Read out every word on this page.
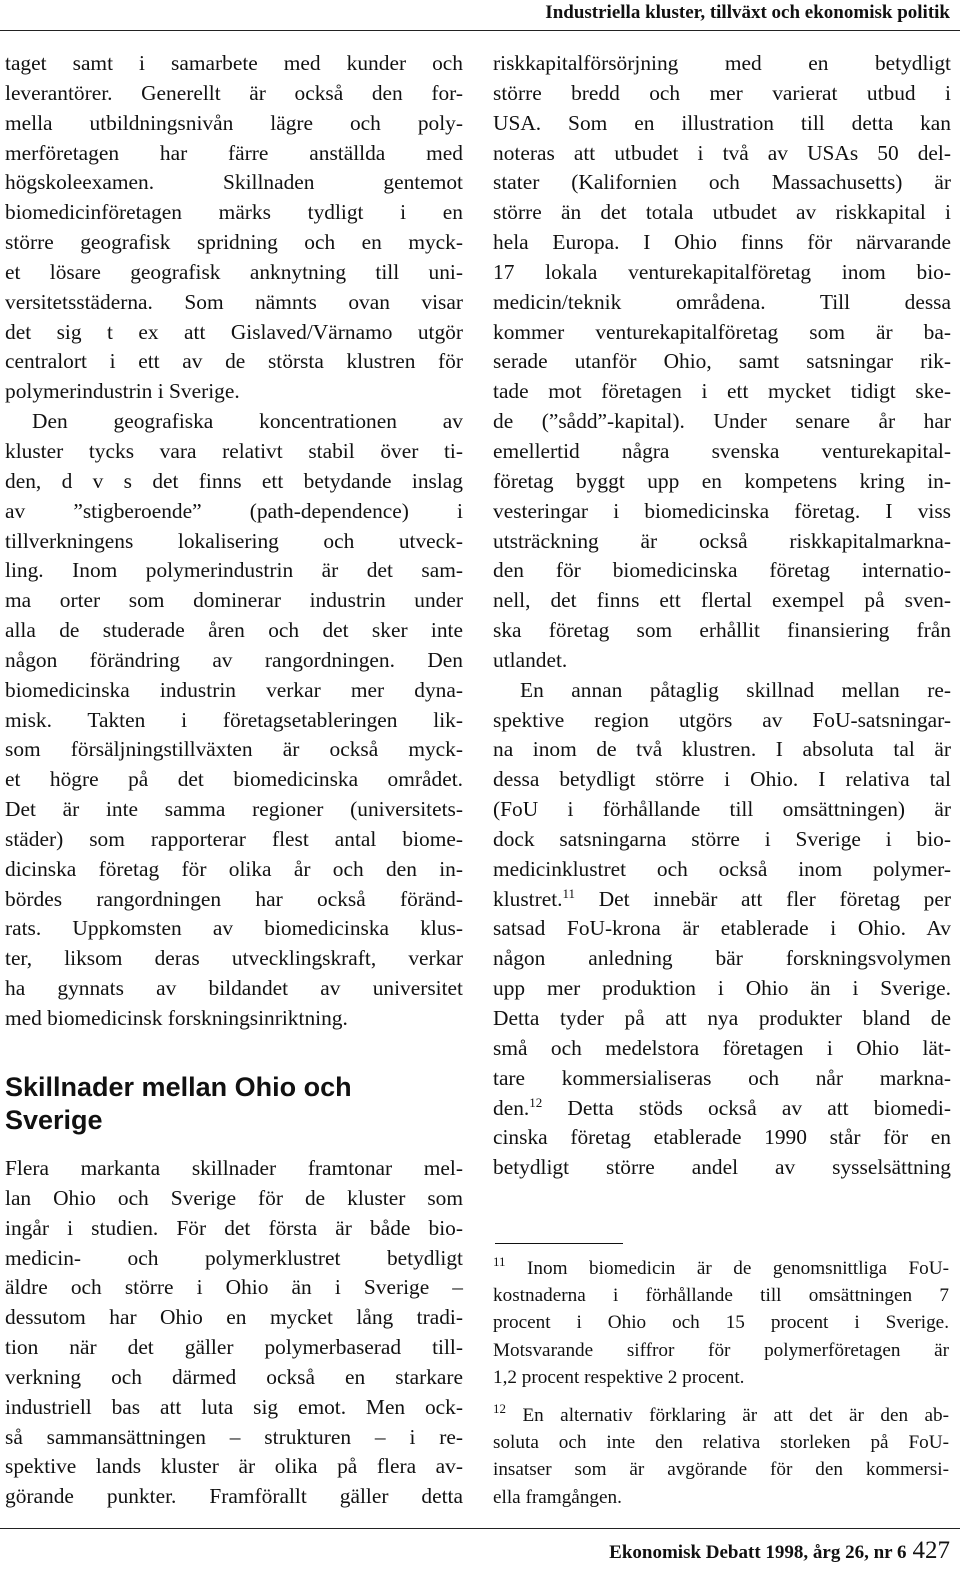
Industriella kluster, tillväxt och ekonomisk politik
taget samt i samarbete med kunder och
leverantörer. Generellt är också den for-
mella utbildningsnivån lägre och poly-
merföretagen har färre anställda med
högskoleexamen. Skillnaden gentemot
biomedicinföretagen märks tydligt i en
större geografisk spridning och en myck-
et lösare geografisk anknytning till uni-
versitetsstäderna. Som nämnts ovan visar
det sig t ex att Gislaved/Värnamo utgör
centralort i ett av de största klustren för
polymerindustrin i Sverige.
Den geografiska koncentrationen av
kluster tycks vara relativt stabil över ti-
den, d v s det finns ett betydande inslag
av ”stigberoende” (path-dependence) i
tillverkningens lokalisering och utveck-
ling. Inom polymerindustrin är det sam-
ma orter som dominerar industrin under
alla de studerade åren och det sker inte
någon förändring av rangordningen. Den
biomedicinska industrin verkar mer dyna-
misk. Takten i företagsetableringen lik-
som försäljningstillväxten är också myck-
et högre på det biomedicinska området.
Det är inte samma regioner (universitets-
städer) som rapporterar flest antal biome-
dicinska företag för olika år och den in-
bördes rangordningen har också föränd-
rats. Uppkomsten av biomedicinska klus-
ter, liksom deras utvecklingskraft, verkar
ha gynnats av bildandet av universitet
med biomedicinsk forskningsinriktning.
Skillnader mellan Ohio och
Sverige
Flera markanta skillnader framtonar mel-
lan Ohio och Sverige för de kluster som
ingår i studien. För det första är både bio-
medicin- och polymerklustret betydligt
äldre och större i Ohio än i Sverige –
dessutom har Ohio en mycket lång tradi-
tion när det gäller polymerbaserad till-
verkning och därmed också en starkare
industriell bas att luta sig emot. Men ock-
så sammansättningen – strukturen – i re-
spektive lands kluster är olika på flera av-
görande punkter. Framförallt gäller detta
riskkapitalförsörjning med en betydligt
större bredd och mer varierat utbud i
USA. Som en illustration till detta kan
noteras att utbudet i två av USAs 50 del-
stater (Kalifornien och Massachusetts) är
större än det totala utbudet av riskkapital i
hela Europa. I Ohio finns för närvarande
17 lokala venturekapitalföretag inom bio-
medicin/teknik områdena. Till dessa
kommer venturekapitalföretag som är ba-
serade utanför Ohio, samt satsningar rik-
tade mot företagen i ett mycket tidigt ske-
de (”sådd”-kapital). Under senare år har
emellertid några svenska venturekapital-
företag byggt upp en kompetens kring in-
vesteringar i biomedicinska företag. I viss
utsträckning är också riskkapitalmarkna-
den för biomedicinska företag internatio-
nell, det finns ett flertal exempel på sven-
ska företag som erhållit finansiering från
utlandet.
En annan påtaglig skillnad mellan re-
spektive region utgörs av FoU-satsningar-
na inom de två klustren. I absoluta tal är
dessa betydligt större i Ohio. I relativa tal
(FoU i förhållande till omsättningen) är
dock satsningarna större i Sverige i bio-
medicinklustret och också inom polymer-
klustret.$^{11}$ Det innebär att fler företag per
satsad FoU-krona är etablerade i Ohio. Av
någon anledning bär forskningsvolymen
upp mer produktion i Ohio än i Sverige.
Detta tyder på att nya produkter bland de
små och medelstora företagen i Ohio lät-
tare kommersialiseras och når markna-
den.$^{12}$ Detta stöds också av att biomedi-
cinska företag etablerade 1990 står för en
betydligt större andel av sysselsättning
$^{11}$ Inom biomedicin är de genomsnittliga FoU-
kostnaderna i förhållande till omsättningen 7
procent i Ohio och 15 procent i Sverige.
Motsvarande siffror för polymerföretagen är
1,2 procent respektive 2 procent.
$^{12}$ En alternativ förklaring är att det är den ab-
soluta och inte den relativa storleken på FoU-
insatser som är avgörande för den kommersi-
ella framgången.
Ekonomisk Debatt 1998, årg 26, nr 6 427
